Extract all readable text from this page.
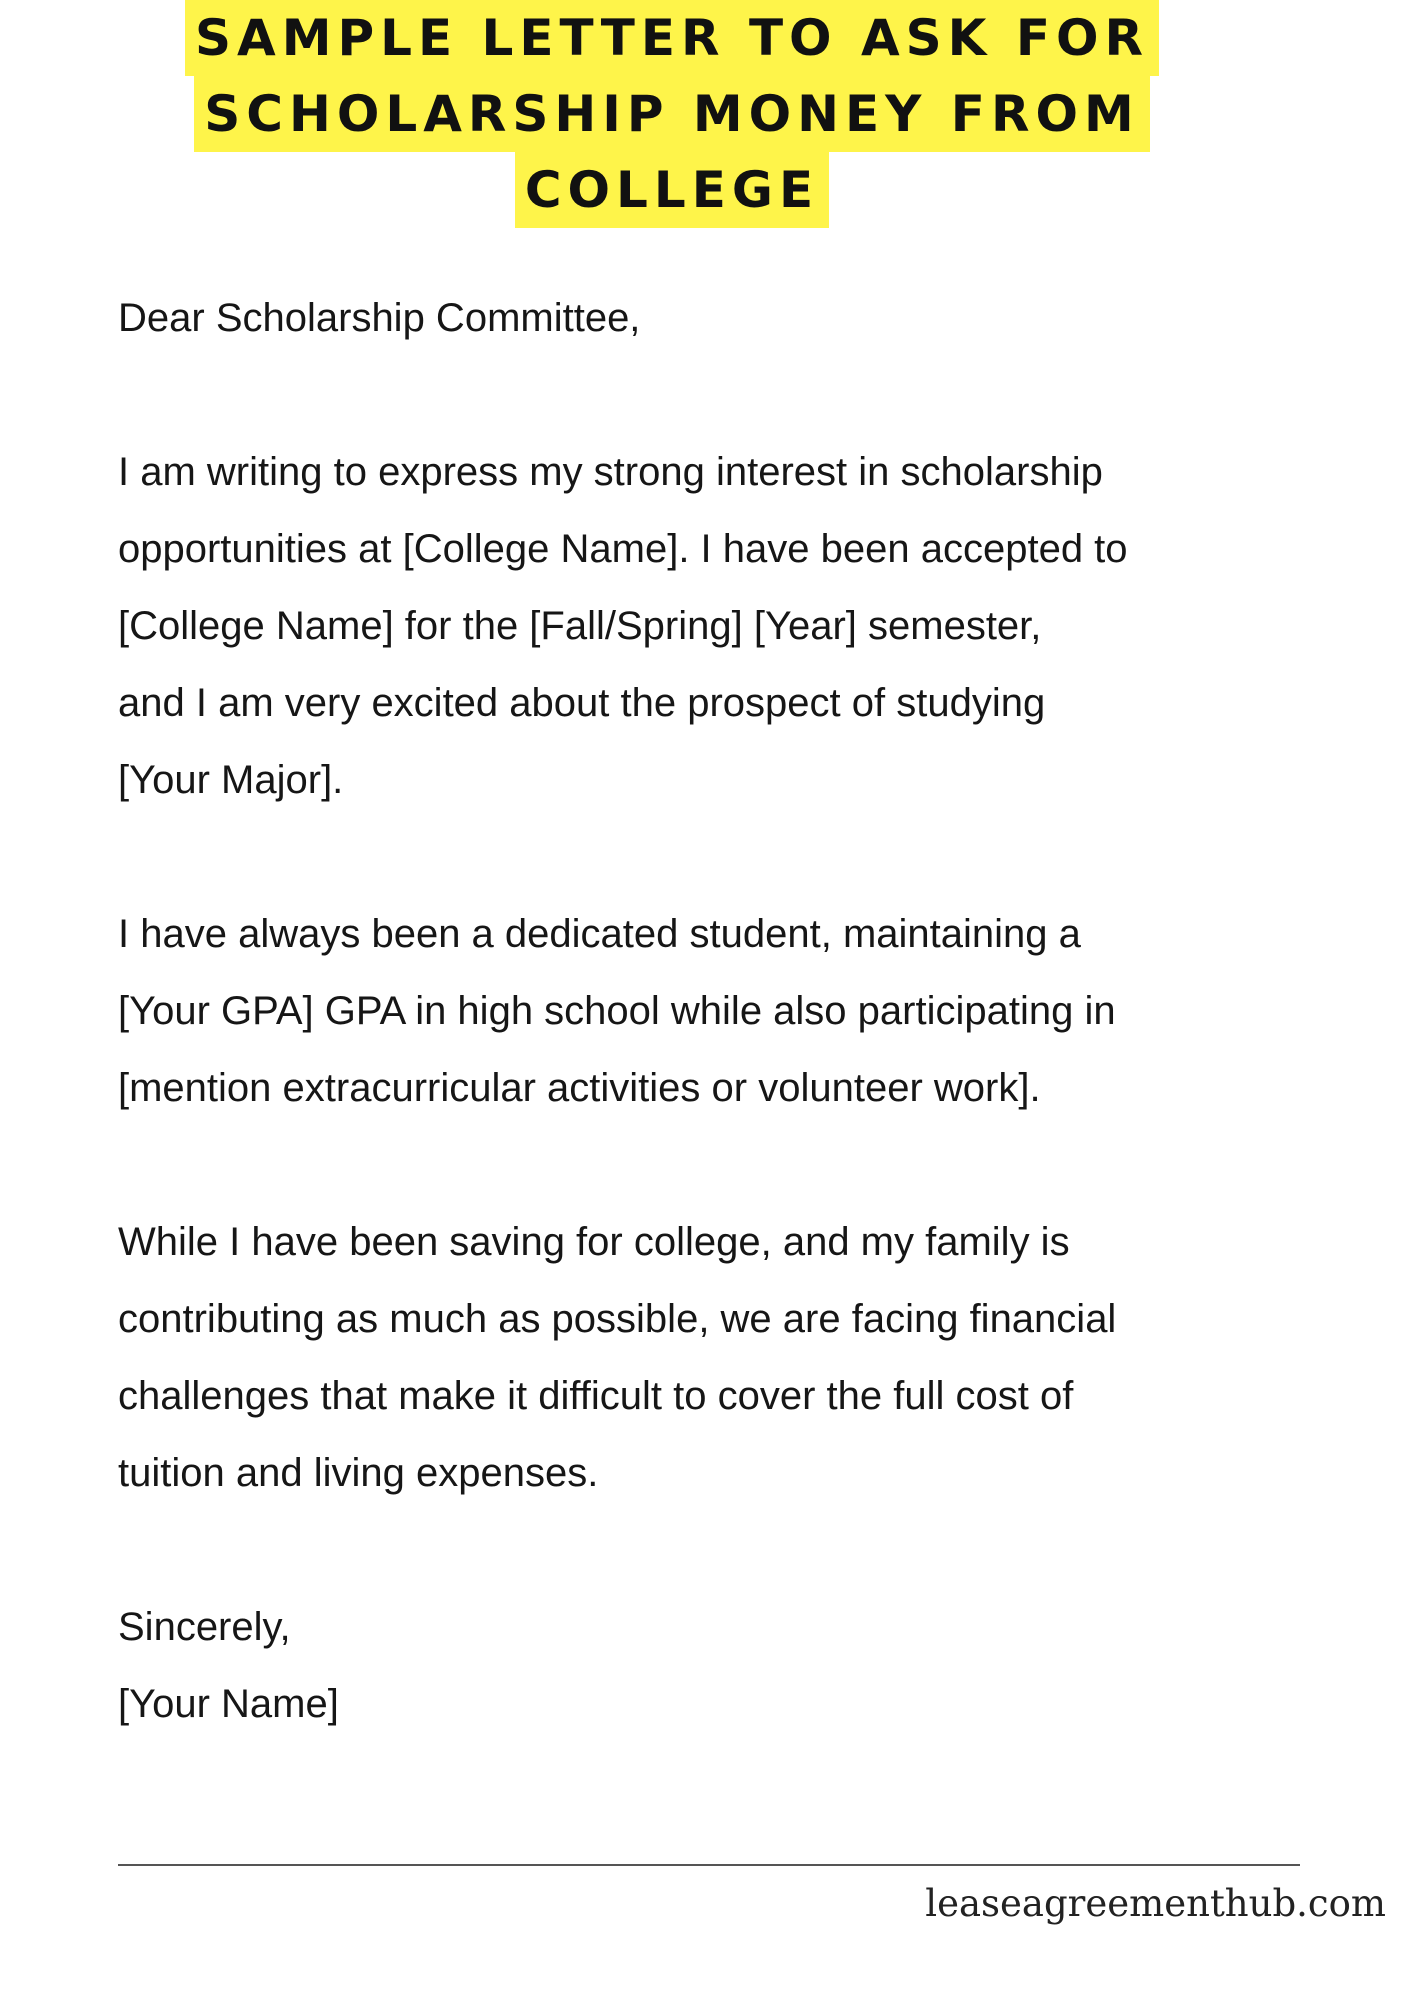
SAMPLE LETTER TO ASK FOR
SCHOLARSHIP MONEY FROM
COLLEGE

Dear Scholarship Committee,

I am writing to express my strong interest in scholarship

opportunities at [College Name]. I have been accepted to

[College Name] for the [Fall/Spring] [Year] semester,

and I am very excited about the prospect of studying

[Your Major].

I have always been a dedicated student, maintaining a

[Your GPA] GPA in high school while also participating in

[mention extracurricular activities or volunteer work].

While I have been saving for college, and my family is

contributing as much as possible, we are facing financial

challenges that make it difficult to cover the full cost of

tuition and living expenses.

Sincerely,

[Your Name]

leaseagreementhub.com
